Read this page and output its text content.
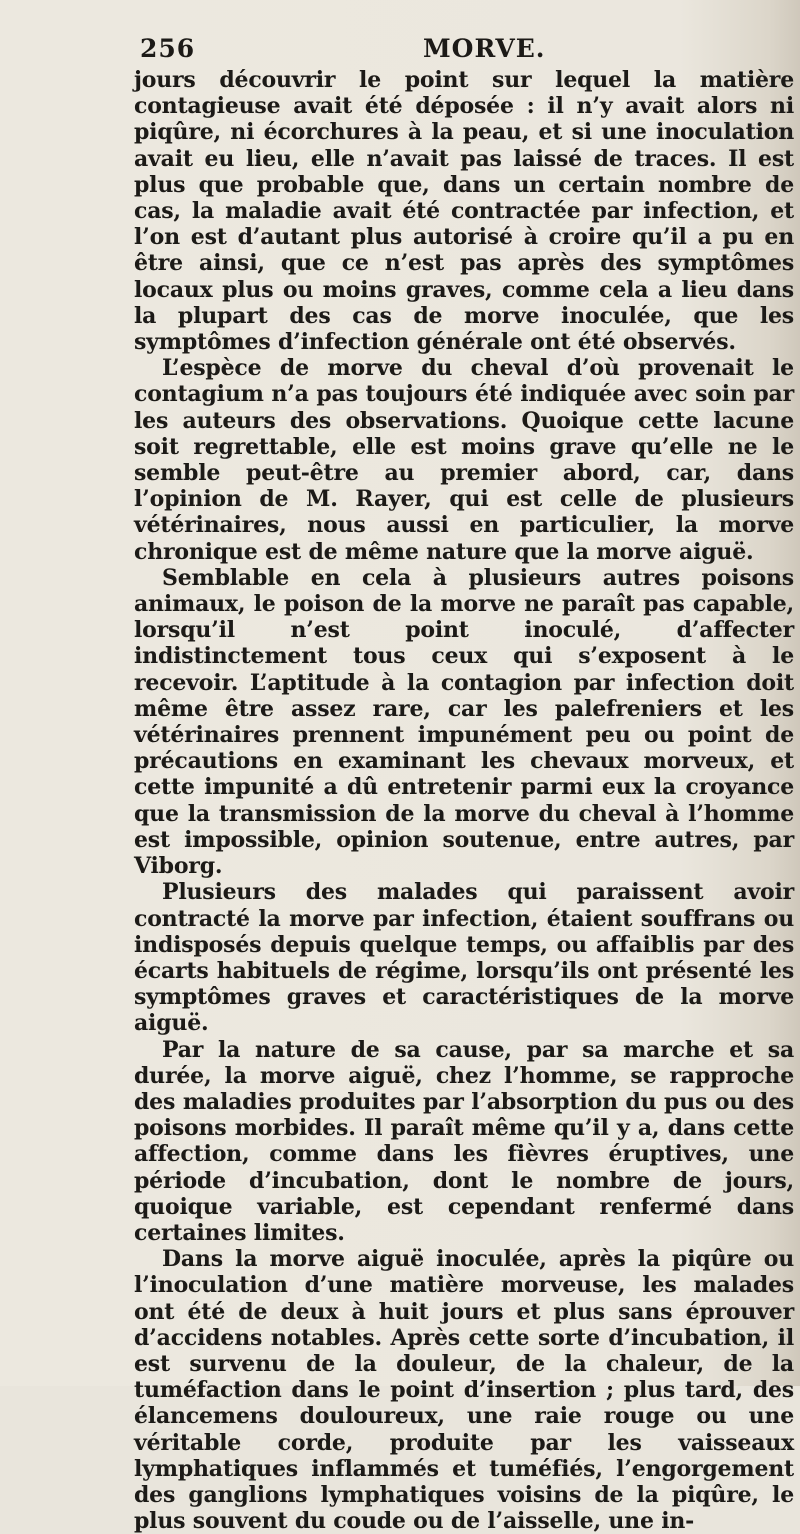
256	MORVE.

jours découvrir le point sur lequel la matière contagieuse avait été déposée : il n’y avait alors ni piqûre, ni écorchures à la peau, et si une inoculation avait eu lieu, elle n’avait pas laissé de traces. Il est plus que probable que, dans un certain nombre de cas, la maladie avait été contractée par infection, et l’on est d’autant plus autorisé à croire qu’il a pu en être ainsi, que ce n’est pas après des symptômes locaux plus ou moins graves, comme cela a lieu dans la plupart des cas de morve inoculée, que les symptômes d’infection générale ont été observés.

L’espèce de morve du cheval d’où provenait le contagium n’a pas toujours été indiquée avec soin par les auteurs des observations. Quoique cette lacune soit regrettable, elle est moins grave qu’elle ne le semble peut-être au premier abord, car, dans l’opinion de M. Rayer, qui est celle de plusieurs vétérinaires, nous aussi en particulier, la morve chronique est de même nature que la morve aiguë.

Semblable en cela à plusieurs autres poisons animaux, le poison de la morve ne paraît pas capable, lorsqu’il n’est point inoculé, d’affecter indistinctement tous ceux qui s’exposent à le recevoir. L’aptitude à la contagion par infection doit même être assez rare, car les palefreniers et les vétérinaires prennent impunément peu ou point de précautions en examinant les chevaux morveux, et cette impunité a dû entretenir parmi eux la croyance que la transmission de la morve du cheval à l’homme est impossible, opinion soutenue, entre autres, par Viborg.

Plusieurs des malades qui paraissent avoir contracté la morve par infection, étaient souffrans ou indisposés depuis quelque temps, ou affaiblis par des écarts habituels de régime, lorsqu’ils ont présenté les symptômes graves et caractéristiques de la morve aiguë.

Par la nature de sa cause, par sa marche et sa durée, la morve aiguë, chez l’homme, se rapproche des maladies produites par l’absorption du pus ou des poisons morbides. Il paraît même qu’il y a, dans cette affection, comme dans les fièvres éruptives, une période d’incubation, dont le nombre de jours, quoique variable, est cependant renfermé dans certaines limites.

Dans la morve aiguë inoculée, après la piqûre ou l’inoculation d’une matière morveuse, les malades ont été de deux à huit jours et plus sans éprouver d’accidens notables. Après cette sorte d’incubation, il est survenu de la douleur, de la chaleur, de la tuméfaction dans le point d’insertion ; plus tard, des élancemens douloureux, une raie rouge ou une véritable corde, produite par les vaisseaux lymphatiques inflammés et tuméfiés, l’engorgement des ganglions lymphatiques voisins de la piqûre, le plus souvent du coude ou de l’aisselle, une in-
